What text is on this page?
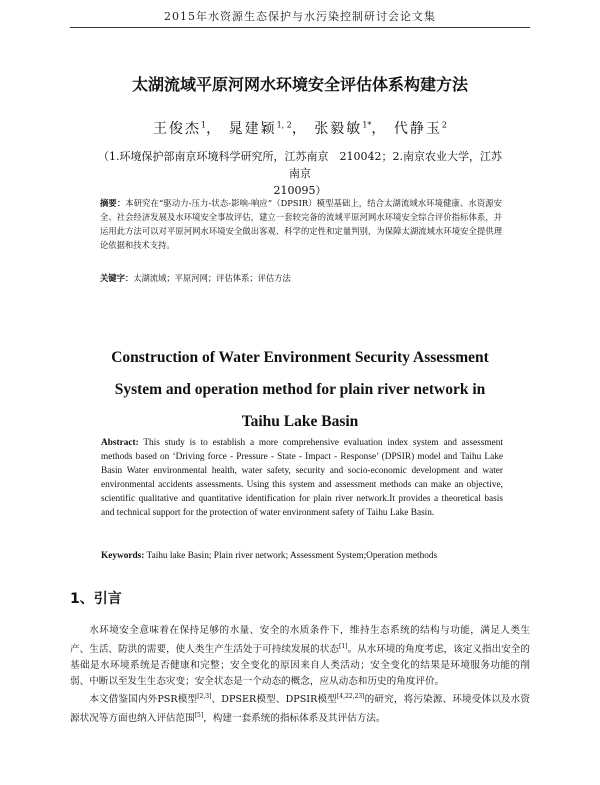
2015年水资源生态保护与水污染控制研讨会论文集
太湖流域平原河网水环境安全评估体系构建方法
王俊杰$^1$， 晁建颖$^{1, 2}$， 张毅敏$^{1*}$， 代静玉$^2$
（1.环境保护部南京环境科学研究所，江苏南京　210042；2.南京农业大学，江苏南京
210095）
摘要：本研究在“驱动力-压力-状态-影响-响应”（DPSIR）模型基础上，结合太湖流域水环境健康、水资源安全、社会经济发展及水环境安全事故评估，建立一套较完备的流域平原河网水环境安全综合评价指标体系，并运用此方法可以对平原河网水环境安全做出客观、科学的定性和定量判别，为保障太湖流域水环境安全提供理论依据和技术支持。
关键字：太湖流域；平原河网；评估体系；评估方法
Construction of Water Environment Security Assessment
System and operation method for plain river network in
Taihu Lake Basin
Abstract: This study is to establish a more comprehensive evaluation index system and assessment methods based on ‘Driving force - Pressure - State - Impact - Response’ (DPSIR) model and Taihu Lake Basin Water environmental health, water safety, security and socio-economic development and water environmental accidents assessments. Using this system and assessment methods can make an objective, scientific qualitative and quantitative identification for plain river network.It provides a theoretical basis and technical support for the protection of water environment safety of Taihu Lake Basin.
Keywords: Taihu lake Basin; Plain river network; Assessment System;Operation methods
1、引言

水环境安全意味着在保持足够的水量、安全的水质条件下，维持生态系统的结构与功能，满足人类生产、生活、防洪的需要，使人类生产生活处于可持续发展的状态[1]。从水环境的角度考虑，该定义指出安全的基础是水环境系统是否健康和完整；安全变化的原因来自人类活动；安全变化的结果是环境服务功能的削弱、中断以至发生生态灾变；安全状态是一个动态的概念，应从动态和历史的角度评价。

本文借鉴国内外PSR模型[2,3]、DPSER模型、DPSIR模型[4,22,23]的研究，将污染源、环境受体以及水资源状况等方面也纳入评估范围[5]，构建一套系统的指标体系及其评估方法。
